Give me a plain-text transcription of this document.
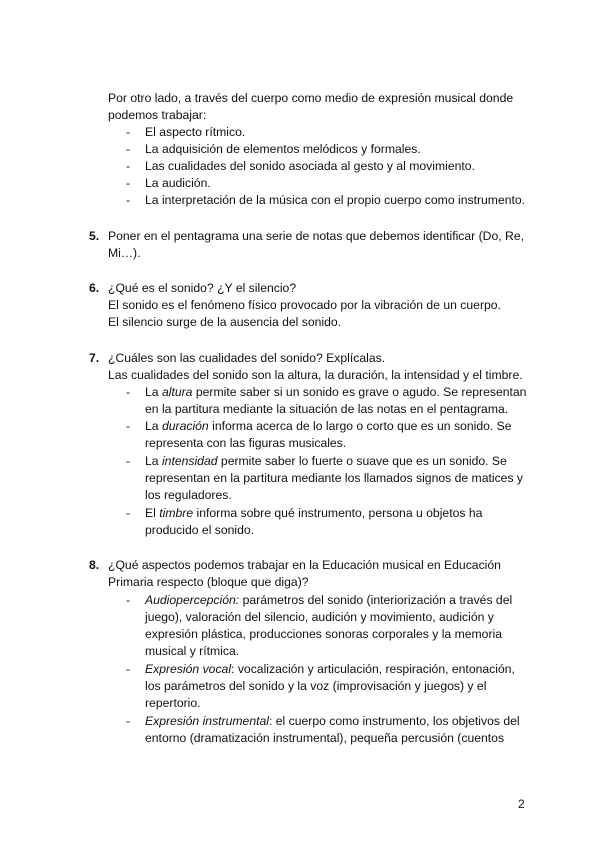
Por otro lado, a través del cuerpo como medio de expresión musical donde
podemos trabajar:
- El aspecto rítmico.
- La adquisición de elementos melódicos y formales.
- Las cualidades del sonido asociada al gesto y al movimiento.
- La audición.
- La interpretación de la música con el propio cuerpo como instrumento.
5. Poner en el pentagrama una serie de notas que debemos identificar (Do, Re,
Mi…).
6. ¿Qué es el sonido? ¿Y el silencio?
El sonido es el fenómeno físico provocado por la vibración de un cuerpo.
El silencio surge de la ausencia del sonido.
7. ¿Cuáles son las cualidades del sonido? Explícalas.
Las cualidades del sonido son la altura, la duración, la intensidad y el timbre.
- La altura permite saber si un sonido es grave o agudo. Se representan
en la partitura mediante la situación de las notas en el pentagrama.
- La duración informa acerca de lo largo o corto que es un sonido. Se
representa con las figuras musicales.
- La intensidad permite saber lo fuerte o suave que es un sonido. Se
representan en la partitura mediante los llamados signos de matices y
los reguladores.
- El timbre informa sobre qué instrumento, persona u objetos ha
producido el sonido.
8. ¿Qué aspectos podemos trabajar en la Educación musical en Educación
Primaria respecto (bloque que diga)?
- Audiopercepción: parámetros del sonido (interiorización a través del
juego), valoración del silencio, audición y movimiento, audición y
expresión plástica, producciones sonoras corporales y la memoria
musical y rítmica.
- Expresión vocal: vocalización y articulación, respiración, entonación,
los parámetros del sonido y la voz (improvisación y juegos) y el
repertorio.
- Expresión instrumental: el cuerpo como instrumento, los objetivos del
entorno (dramatización instrumental), pequeña percusión (cuentos
2
